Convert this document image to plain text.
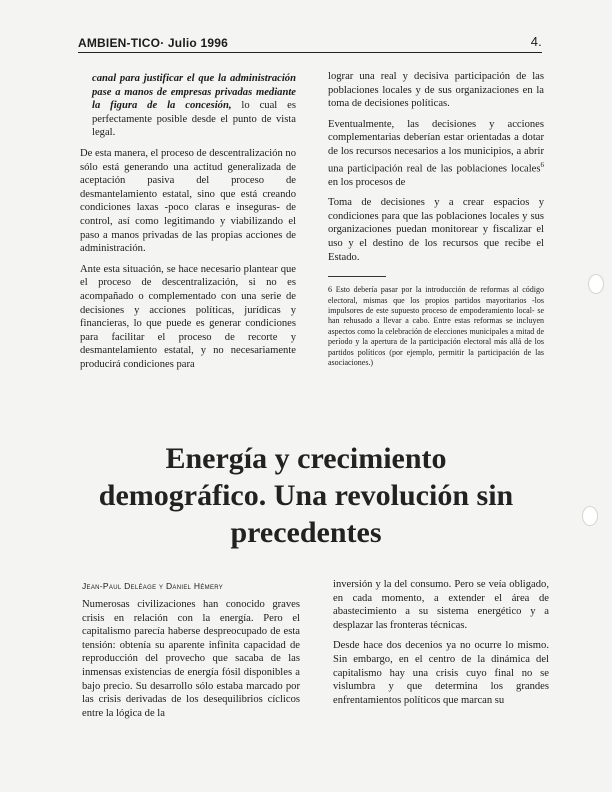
AMBIEN-TICO· Julio 1996	4.

canal para justificar el que la administración pase a manos de empresas privadas mediante la figura de la concesión, lo cual es perfectamente posible desde el punto de vista legal.

De esta manera, el proceso de descentralización no sólo está generando una actitud generalizada de aceptación pasiva del proceso de desmantelamiento estatal, sino que está creando condiciones laxas -poco claras e inseguras- de control, así como legitimando y viabilizando el paso a manos privadas de las propias acciones de administración.

Ante esta situación, se hace necesario plantear que el proceso de descentralización, si no es acompañado o complementado con una serie de decisiones y acciones políticas, jurídicas y financieras, lo que puede es generar condiciones para facilitar el proceso de recorte y desmantelamiento estatal, y no necesariamente producirá condiciones para

lograr una real y decisiva participación de las poblaciones locales y de sus organizaciones en la toma de decisiones políticas.

Eventualmente, las decisiones y acciones complementarias deberían estar orientadas a dotar de los recursos necesarios a los municipios, a abrir una participación real de las poblaciones locales$^6$ en los procesos de

Toma de decisiones y a crear espacios y condiciones para que las poblaciones locales y sus organizaciones puedan monitorear y fiscalizar el uso y el destino de los recursos que recibe el Estado.

6 Esto debería pasar por la introducción de reformas al código electoral, mismas que los propios partidos mayoritarios -los impulsores de este supuesto proceso de empoderamiento local- se han rehusado a llevar a cabo. Entre estas reformas se incluyen aspectos como la celebración de elecciones municipales a mitad de período y la apertura de la participación electoral más allá de los partidos políticos (por ejemplo, permitir la participación de las asociaciones.)

Energía y crecimiento
demográfico. Una revolución sin
precedentes
Jean-Paul Deléage y Daniel Hémery

Numerosas civilizaciones han conocido graves crisis en relación con la energía. Pero el capitalismo parecía haberse despreocupado de esta tensión: obtenía su aparente infinita capacidad de reproducción del provecho que sacaba de las inmensas existencias de energía fósil disponibles a bajo precio. Su desarrollo sólo estaba marcado por las crisis derivadas de los desequilibrios cíclicos entre la lógica de la

inversión y la del consumo. Pero se veía obligado, en cada momento, a extender el área de abastecimiento a su sistema energético y a desplazar las fronteras técnicas.

Desde hace dos decenios ya no ocurre lo mismo. Sin embargo, en el centro de la dinámica del capitalismo hay una crisis cuyo final no se vislumbra y que determina los grandes enfrentamientos políticos que marcan su
